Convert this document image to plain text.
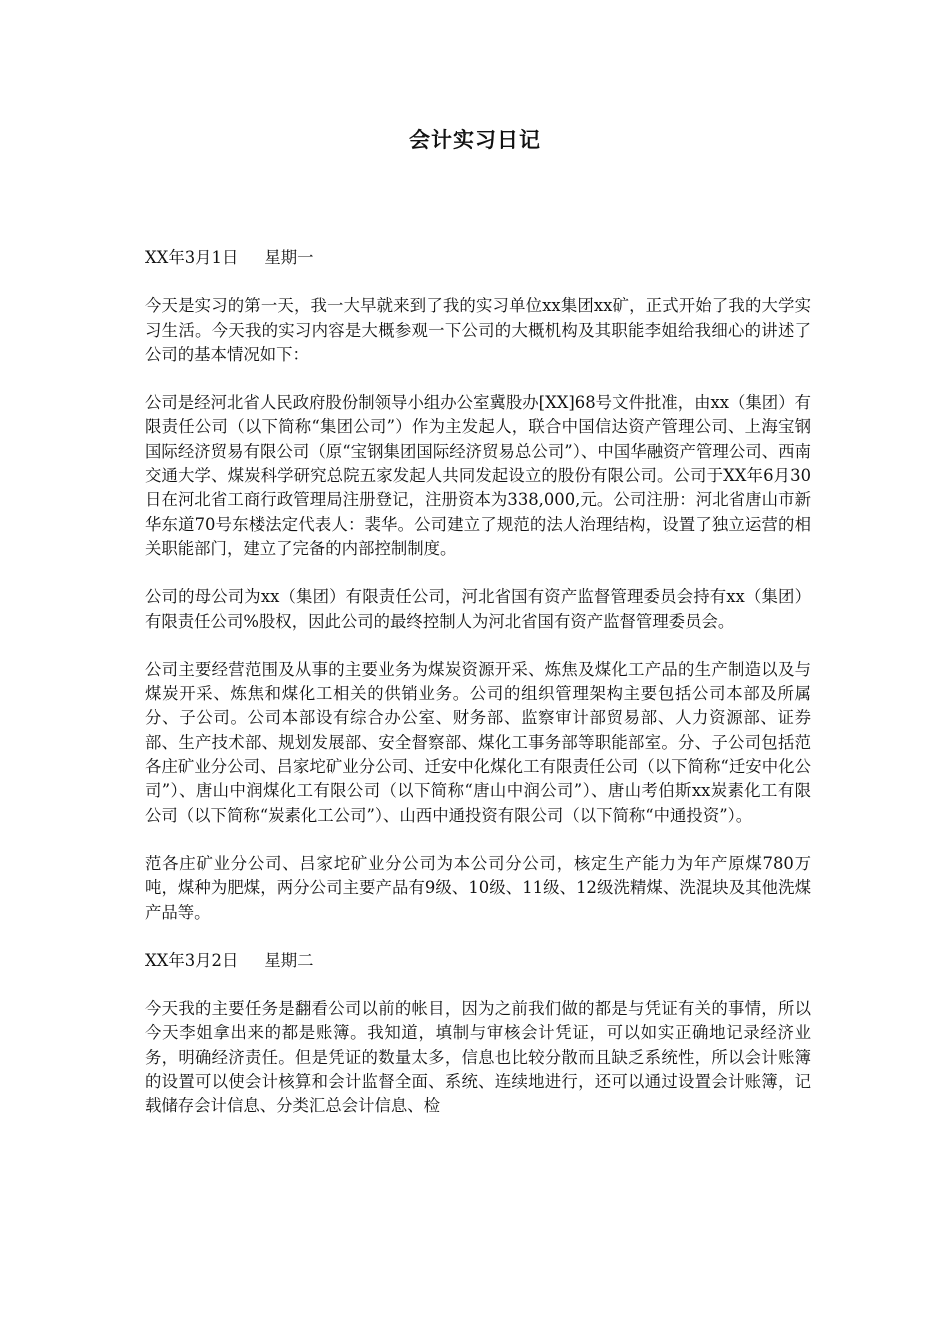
会计实习日记

XX年3月1日 星期一

今天是实习的第一天，我一大早就来到了我的实习单位xx集团xx矿，正式开始了我的大学实习生活。今天我的实习内容是大概参观一下公司的大概机构及其职能李姐给我细心的讲述了公司的基本情况如下：

公司是经河北省人民政府股份制领导小组办公室冀股办[XX]68号文件批准，由xx（集团）有限责任公司（以下简称“集团公司”）作为主发起人，联合中国信达资产管理公司、上海宝钢国际经济贸易有限公司（原“宝钢集团国际经济贸易总公司”）、中国华融资产管理公司、西南交通大学、煤炭科学研究总院五家发起人共同发起设立的股份有限公司。公司于XX年6月30日在河北省工商行政管理局注册登记，注册资本为338,000,元。公司注册：河北省唐山市新华东道70号东楼法定代表人：裴华。公司建立了规范的法人治理结构，设置了独立运营的相关职能部门，建立了完备的内部控制制度。

公司的母公司为xx（集团）有限责任公司，河北省国有资产监督管理委员会持有xx（集团）有限责任公司%股权，因此公司的最终控制人为河北省国有资产监督管理委员会。

公司主要经营范围及从事的主要业务为煤炭资源开采、炼焦及煤化工产品的生产制造以及与煤炭开采、炼焦和煤化工相关的供销业务。公司的组织管理架构主要包括公司本部及所属分、子公司。公司本部设有综合办公室、财务部、监察审计部贸易部、人力资源部、证券部、生产技术部、规划发展部、安全督察部、煤化工事务部等职能部室。分、子公司包括范各庄矿业分公司、吕家坨矿业分公司、迁安中化煤化工有限责任公司（以下简称“迁安中化公司”）、唐山中润煤化工有限公司（以下简称“唐山中润公司”）、唐山考伯斯xx炭素化工有限公司（以下简称“炭素化工公司”）、山西中通投资有限公司（以下简称“中通投资”）。

范各庄矿业分公司、吕家坨矿业分公司为本公司分公司，核定生产能力为年产原煤780万吨，煤种为肥煤，两分公司主要产品有9级、10级、11级、12级洗精煤、洗混块及其他洗煤产品等。

XX年3月2日 星期二

今天我的主要任务是翻看公司以前的帐目，因为之前我们做的都是与凭证有关的事情，所以今天李姐拿出来的都是账簿。我知道，填制与审核会计凭证，可以如实正确地记录经济业务，明确经济责任。但是凭证的数量太多，信息也比较分散而且缺乏系统性，所以会计账簿的设置可以使会计核算和会计监督全面、系统、连续地进行，还可以通过设置会计账簿，记载储存会计信息、分类汇总会计信息、检
